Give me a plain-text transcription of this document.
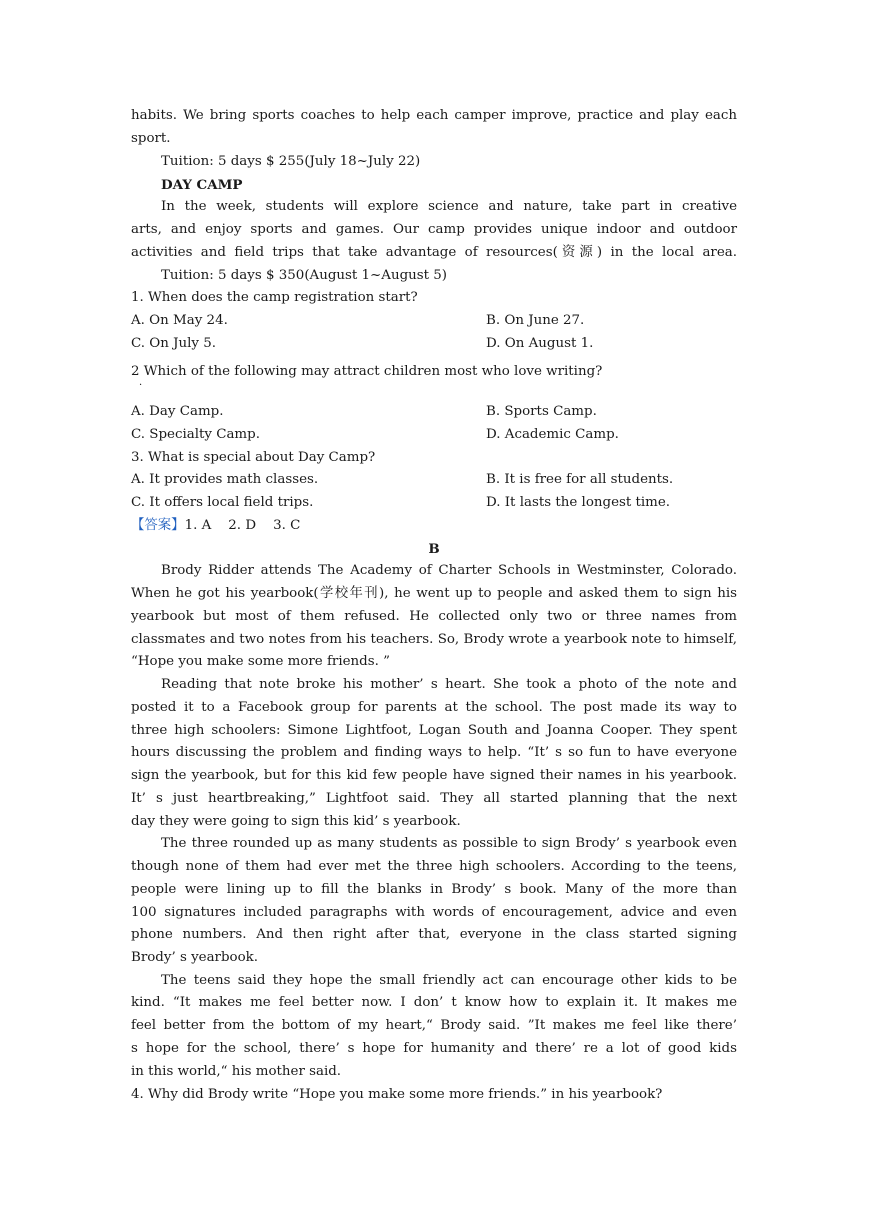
habits. We bring sports coaches to help each camper improve, practice and play each
sport.
Tuition: 5 days $ 255(July 18~July 22)
DAY CAMP
In the week, students will explore science and nature, take part in creative
arts, and enjoy sports and games. Our camp provides unique indoor and outdoor
activities and field trips that take advantage of resources(资源) in the local area.
Tuition: 5 days $ 350(August 1~August 5)
1. When does the camp registration start?
A. On May 24.	B. On June 27.
C. On July 5.	D. On August 1.
2 Which of the following may attract children most who love writing?
·
A. Day Camp.	B. Sports Camp.
C. Specialty Camp.	D. Academic Camp.
3. What is special about Day Camp?
A. It provides math classes.	B. It is free for all students.
C. It offers local field trips.	D. It lasts the longest time.
【答案】1. A    2. D    3. C
B
Brody Ridder attends The Academy of Charter Schools in Westminster, Colorado.
When he got his yearbook(学校年刊), he went up to people and asked them to sign his
yearbook but most of them refused. He collected only two or three names from
classmates and two notes from his teachers. So, Brody wrote a yearbook note to himself,
“Hope you make some more friends. ”
Reading that note broke his mother’ s heart. She took a photo of the note and
posted it to a Facebook group for parents at the school. The post made its way to
three high schoolers: Simone Lightfoot, Logan South and Joanna Cooper. They spent
hours discussing the problem and finding ways to help. “It’ s so fun to have everyone
sign the yearbook, but for this kid few people have signed their names in his yearbook.
It’ s just heartbreaking,” Lightfoot said. They all started planning that the next
day they were going to sign this kid’ s yearbook.
The three rounded up as many students as possible to sign Brody’ s yearbook even
though none of them had ever met the three high schoolers. According to the teens,
people were lining up to fill the blanks in Brody’ s book. Many of the more than
100 signatures included paragraphs with words of encouragement, advice and even
phone numbers. And then right after that, everyone in the class started signing
Brody’ s yearbook.
The teens said they hope the small friendly act can encourage other kids to be
kind. “It makes me feel better now. I don’ t know how to explain it. It makes me
feel better from the bottom of my heart,“ Brody said. ”It makes me feel like there’
s hope for the school, there’ s hope for humanity and there’ re a lot of good kids
in this world,“ his mother said.
4. Why did Brody write “Hope you make some more friends.” in his yearbook?
